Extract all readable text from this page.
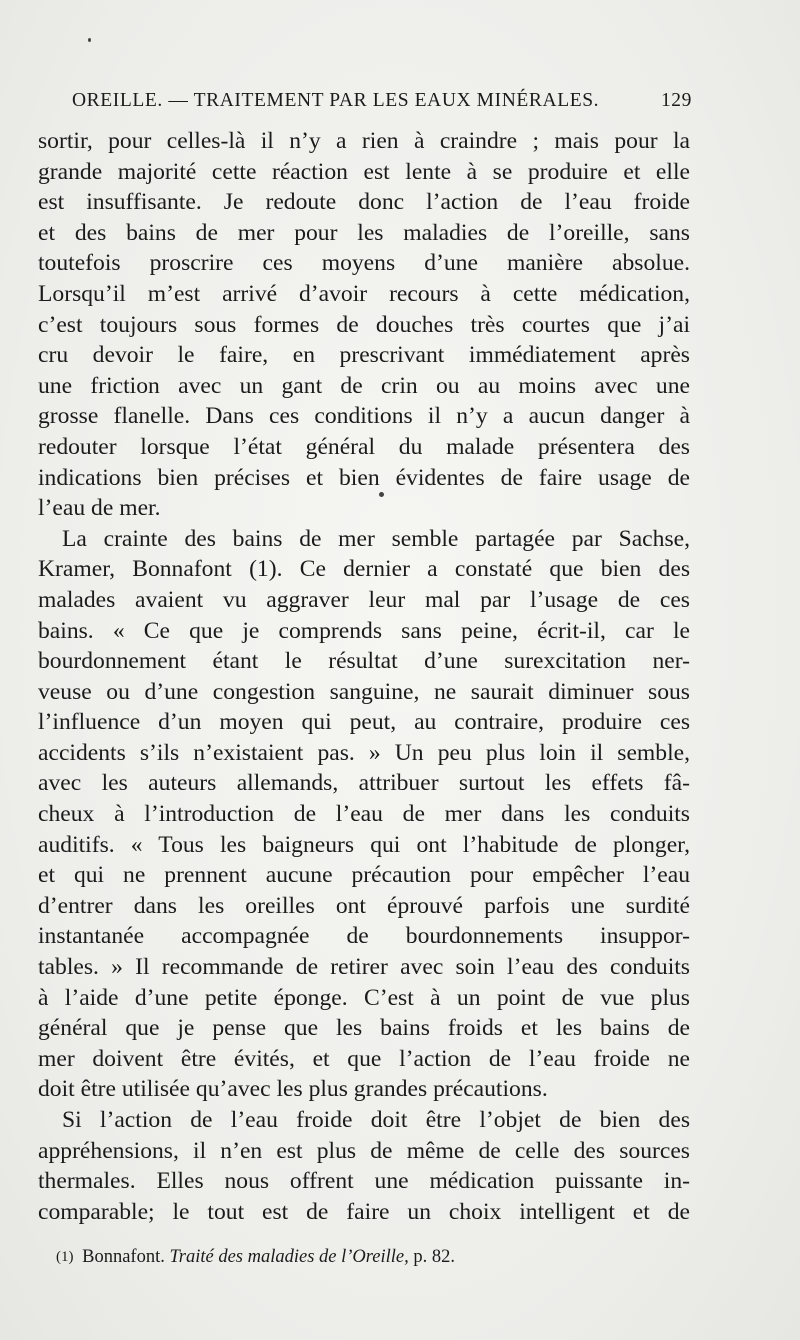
OREILLE. — TRAITEMENT PAR LES EAUX MINÉRALES.	129
sortir, pour celles-là il n’y a rien à craindre ; mais pour la
grande majorité cette réaction est lente à se produire et elle
est insuffisante. Je redoute donc l’action de l’eau froide
et des bains de mer pour les maladies de l’oreille, sans
toutefois proscrire ces moyens d’une manière absolue.
Lorsqu’il m’est arrivé d’avoir recours à cette médication,
c’est toujours sous formes de douches très courtes que j’ai
cru devoir le faire, en prescrivant immédiatement après
une friction avec un gant de crin ou au moins avec une
grosse flanelle. Dans ces conditions il n’y a aucun danger à
redouter lorsque l’état général du malade présentera des
indications bien précises et bien évidentes de faire usage de
l’eau de mer.
La crainte des bains de mer semble partagée par Sachse,
Kramer, Bonnafont (1). Ce dernier a constaté que bien des
malades avaient vu aggraver leur mal par l’usage de ces
bains. « Ce que je comprends sans peine, écrit-il, car le
bourdonnement étant le résultat d’une surexcitation ner-
veuse ou d’une congestion sanguine, ne saurait diminuer sous
l’influence d’un moyen qui peut, au contraire, produire ces
accidents s’ils n’existaient pas. » Un peu plus loin il semble,
avec les auteurs allemands, attribuer surtout les effets fâ-
cheux à l’introduction de l’eau de mer dans les conduits
auditifs. « Tous les baigneurs qui ont l’habitude de plonger,
et qui ne prennent aucune précaution pour empêcher l’eau
d’entrer dans les oreilles ont éprouvé parfois une surdité
instantanée accompagnée de bourdonnements insuppor-
tables. » Il recommande de retirer avec soin l’eau des conduits
à l’aide d’une petite éponge. C’est à un point de vue plus
général que je pense que les bains froids et les bains de
mer doivent être évités, et que l’action de l’eau froide ne
doit être utilisée qu’avec les plus grandes précautions.
Si l’action de l’eau froide doit être l’objet de bien des
appréhensions, il n’en est plus de même de celle des sources
thermales. Elles nous offrent une médication puissante in-
comparable; le tout est de faire un choix intelligent et de
(1) Bonnafont. Traité des maladies de l’Oreille, p. 82.
